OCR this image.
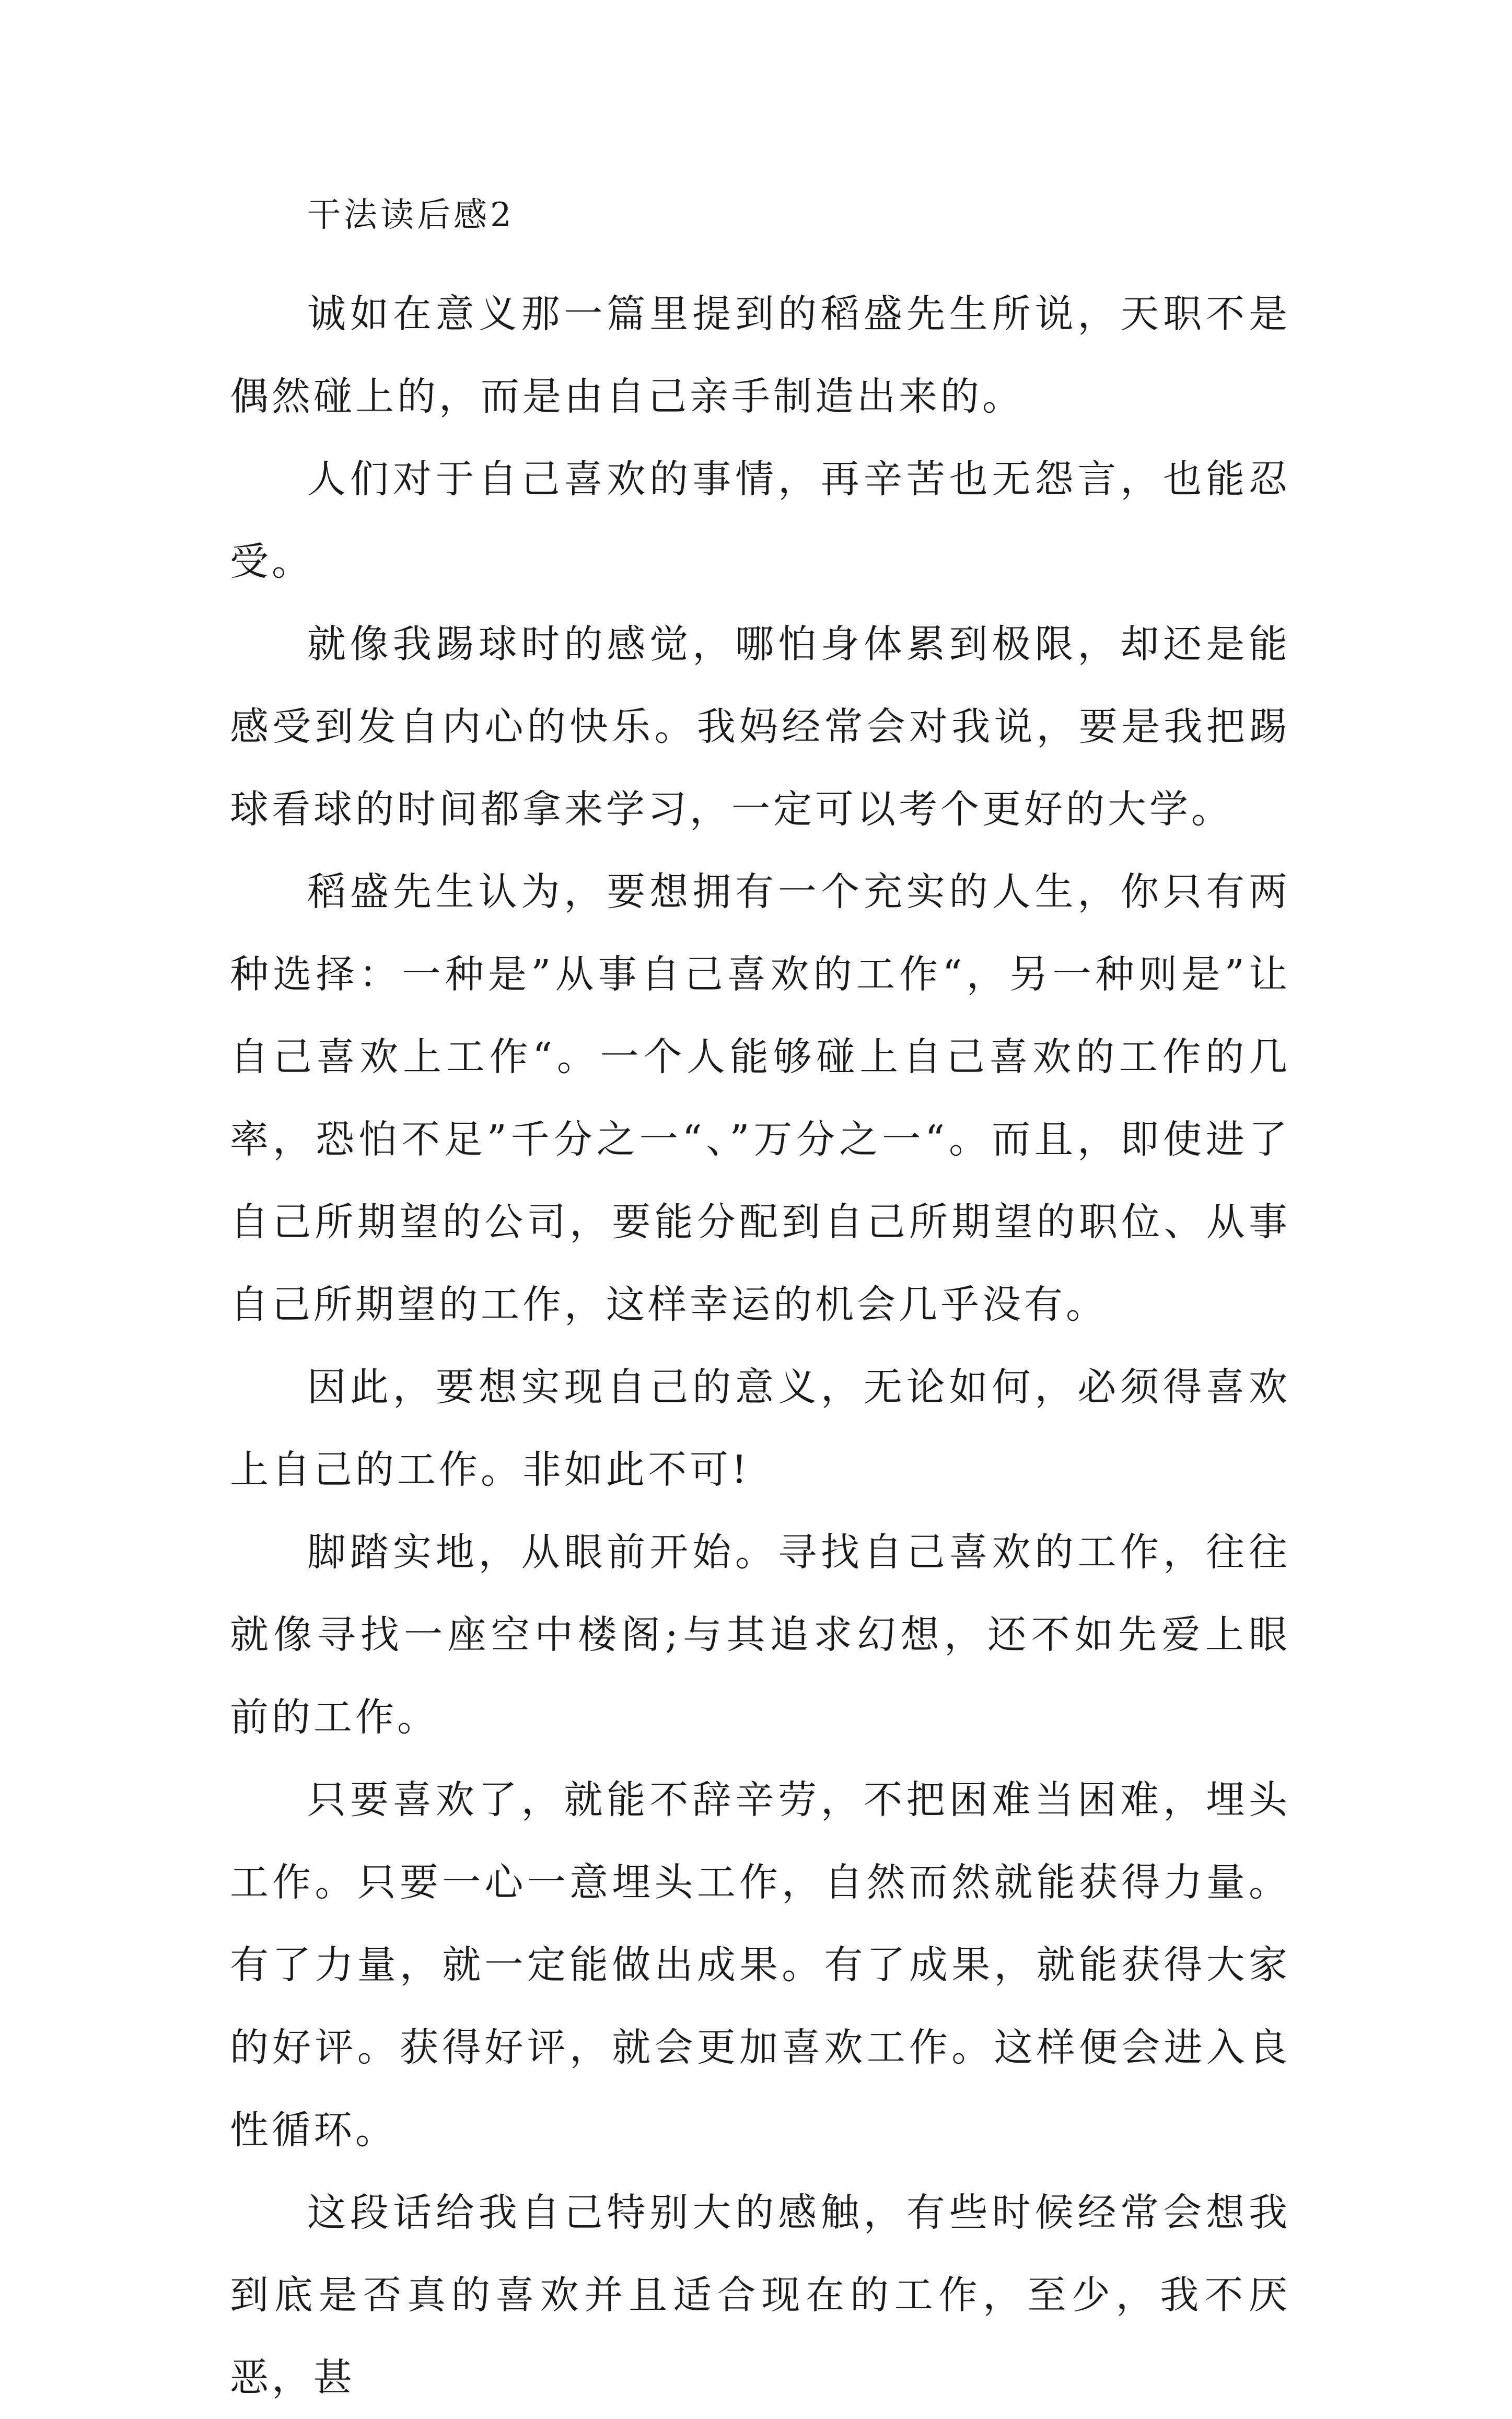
干法读后感2

诚如在意义那一篇里提到的稻盛先生所说，天职不是偶然碰上的，而是由自己亲手制造出来的。

人们对于自己喜欢的事情，再辛苦也无怨言，也能忍受。

就像我踢球时的感觉，哪怕身体累到极限，却还是能感受到发自内心的快乐。我妈经常会对我说，要是我把踢球看球的时间都拿来学习，一定可以考个更好的大学。

稻盛先生认为，要想拥有一个充实的人生，你只有两种选择：一种是”从事自己喜欢的工作“，另一种则是”让自己喜欢上工作“。一个人能够碰上自己喜欢的工作的几率，恐怕不足”千分之一“、”万分之一“。而且，即使进了自己所期望的公司，要能分配到自己所期望的职位、从事自己所期望的工作，这样幸运的机会几乎没有。

因此，要想实现自己的意义，无论如何，必须得喜欢上自己的工作。非如此不可!

脚踏实地，从眼前开始。寻找自己喜欢的工作，往往就像寻找一座空中楼阁;与其追求幻想，还不如先爱上眼前的工作。

只要喜欢了，就能不辞辛劳，不把困难当困难，埋头工作。只要一心一意埋头工作，自然而然就能获得力量。有了力量，就一定能做出成果。有了成果，就能获得大家的好评。获得好评，就会更加喜欢工作。这样便会进入良性循环。

这段话给我自己特别大的感触，有些时候经常会想我到底是否真的喜欢并且适合现在的工作，至少，我不厌恶，甚
